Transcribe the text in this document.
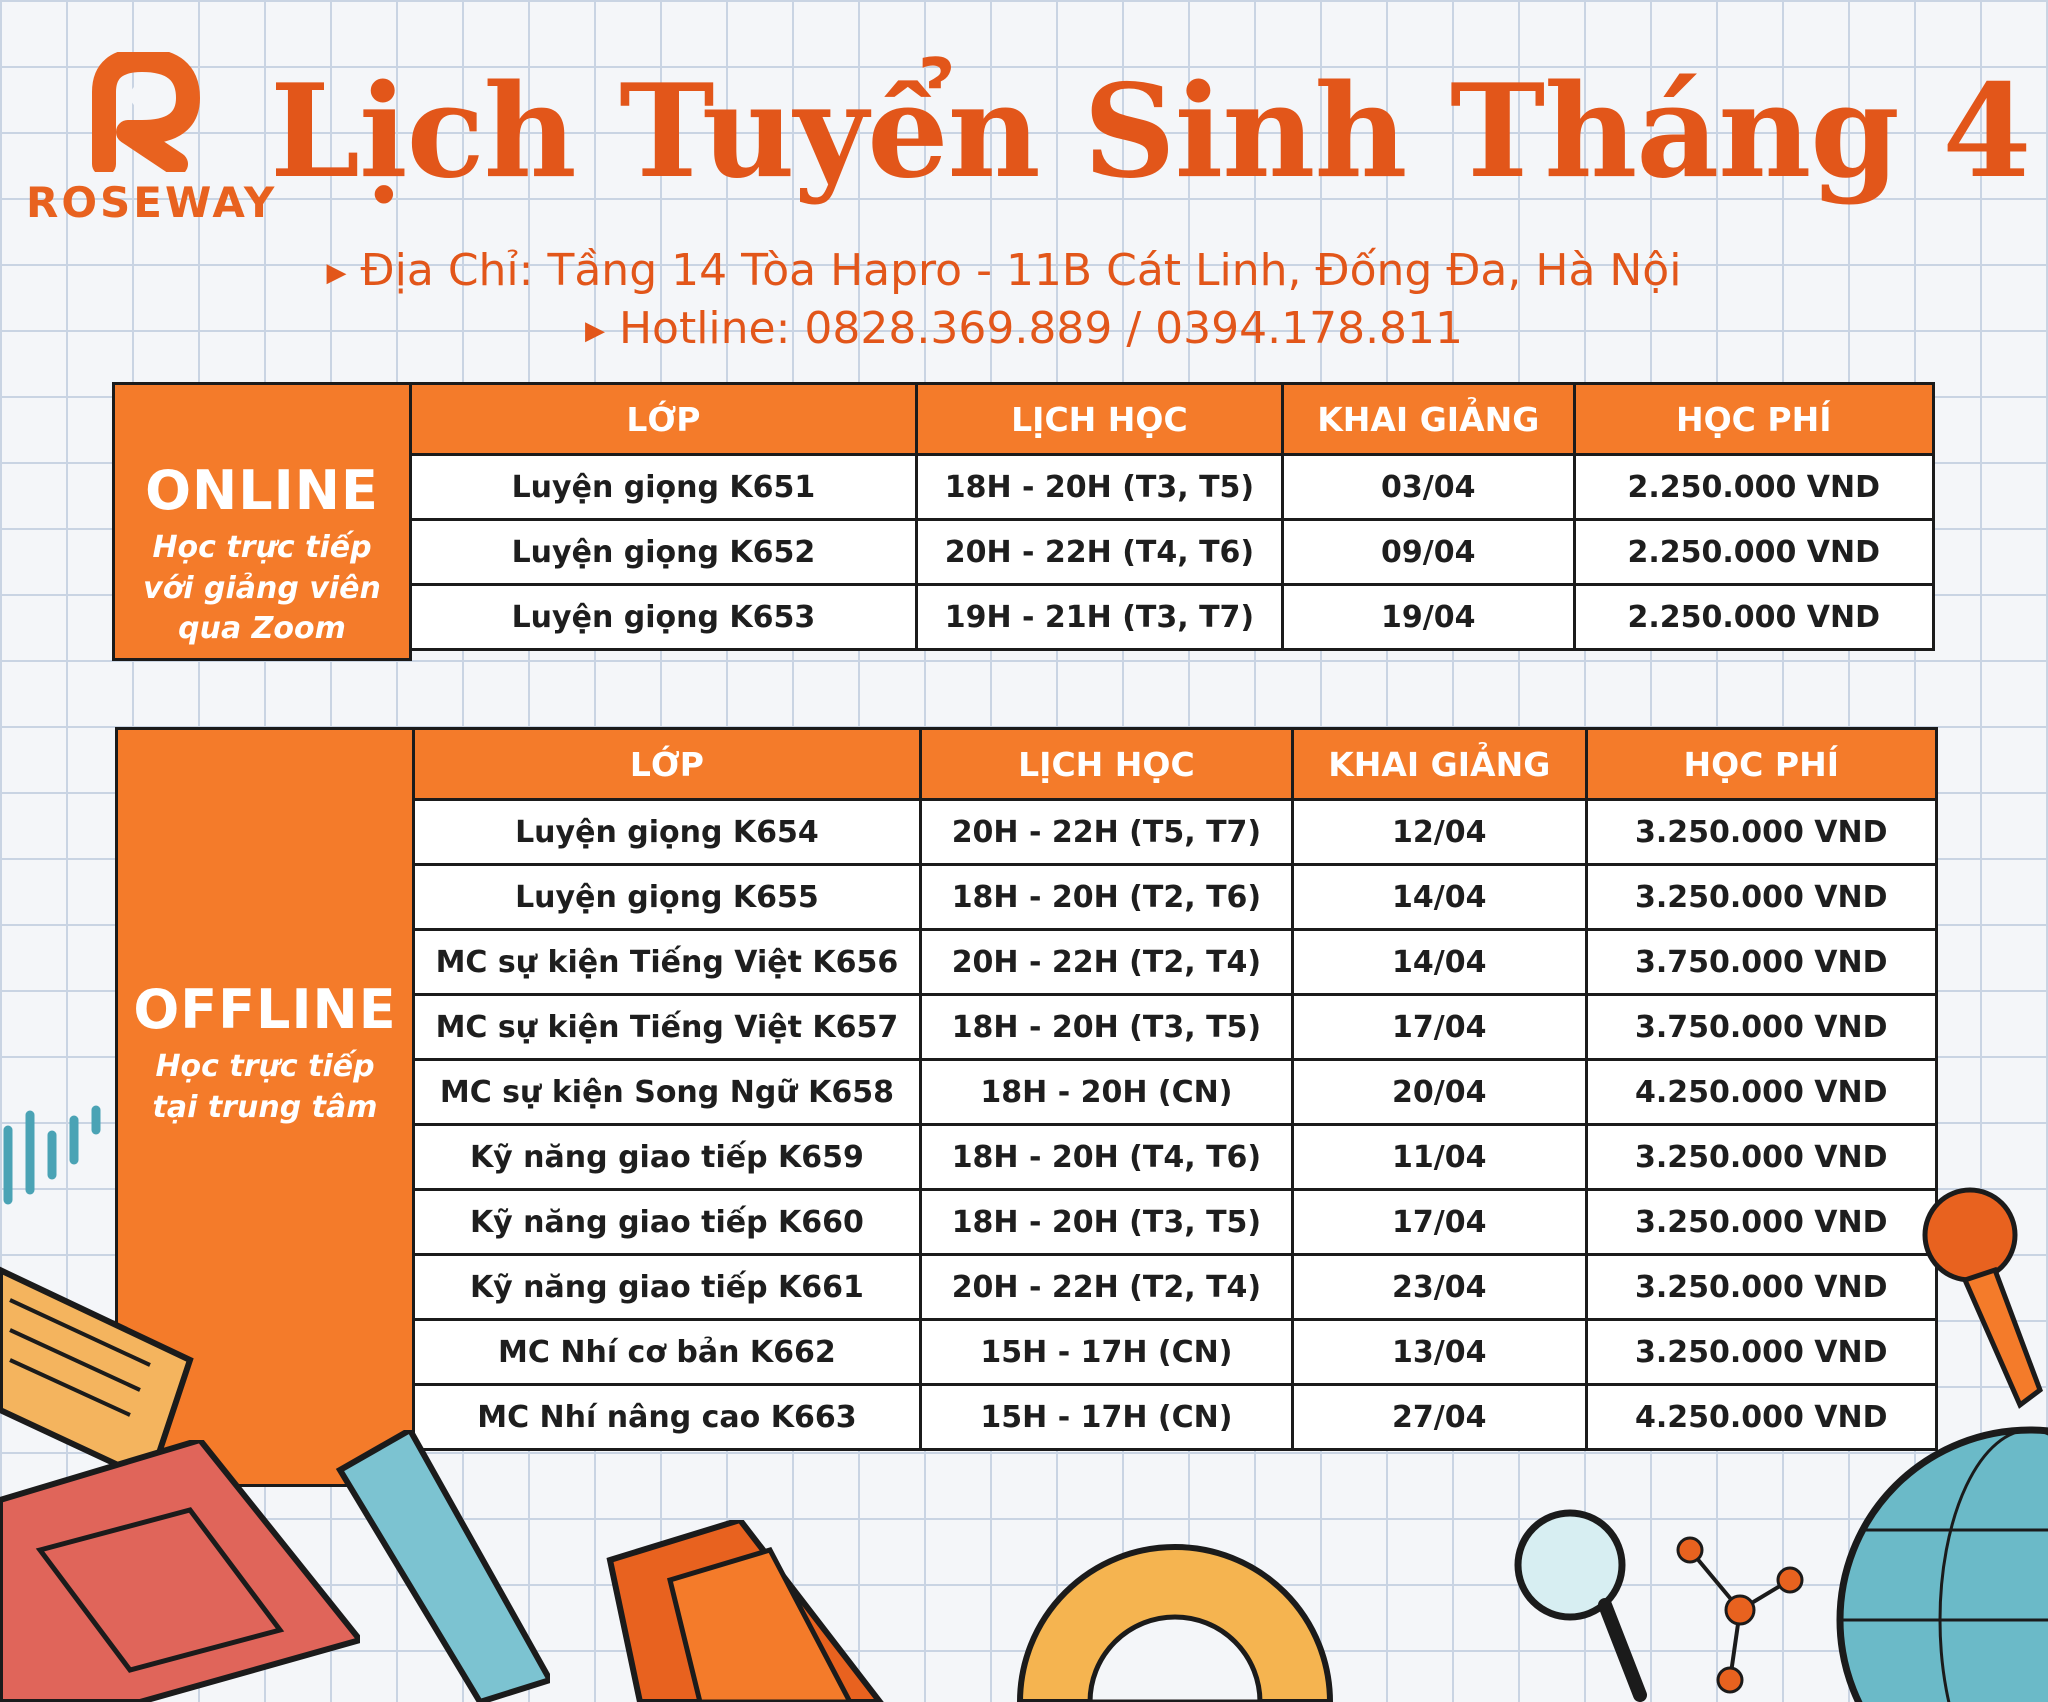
ROSEWAY
Lịch Tuyển Sinh Tháng 4
▶ Địa Chỉ: Tầng 14 Tòa Hapro - 11B Cát Linh, Đống Đa, Hà Nội
▶ Hotline: 0828.369.889 / 0394.178.811
ONLINE
Học trực tiếp
với giảng viên
qua Zoom
LỚP	LỊCH HỌC	KHAI GIẢNG	HỌC PHÍ
Luyện giọng K651	18H - 20H (T3, T5)	03/04	2.250.000 VND
Luyện giọng K652	20H - 22H (T4, T6)	09/04	2.250.000 VND
Luyện giọng K653	19H - 21H (T3, T7)	19/04	2.250.000 VND
OFFLINE
Học trực tiếp
tại trung tâm
LỚP	LỊCH HỌC	KHAI GIẢNG	HỌC PHÍ
Luyện giọng K654	20H - 22H (T5, T7)	12/04	3.250.000 VND
Luyện giọng K655	18H - 20H (T2, T6)	14/04	3.250.000 VND
MC sự kiện Tiếng Việt K656	20H - 22H (T2, T4)	14/04	3.750.000 VND
MC sự kiện Tiếng Việt K657	18H - 20H (T3, T5)	17/04	3.750.000 VND
MC sự kiện Song Ngữ K658	18H - 20H (CN)	20/04	4.250.000 VND
Kỹ năng giao tiếp K659	18H - 20H (T4, T6)	11/04	3.250.000 VND
Kỹ năng giao tiếp K660	18H - 20H (T3, T5)	17/04	3.250.000 VND
Kỹ năng giao tiếp K661	20H - 22H (T2, T4)	23/04	3.250.000 VND
MC Nhí cơ bản K662	15H - 17H (CN)	13/04	3.250.000 VND
MC Nhí nâng cao K663	15H - 17H (CN)	27/04	4.250.000 VND
